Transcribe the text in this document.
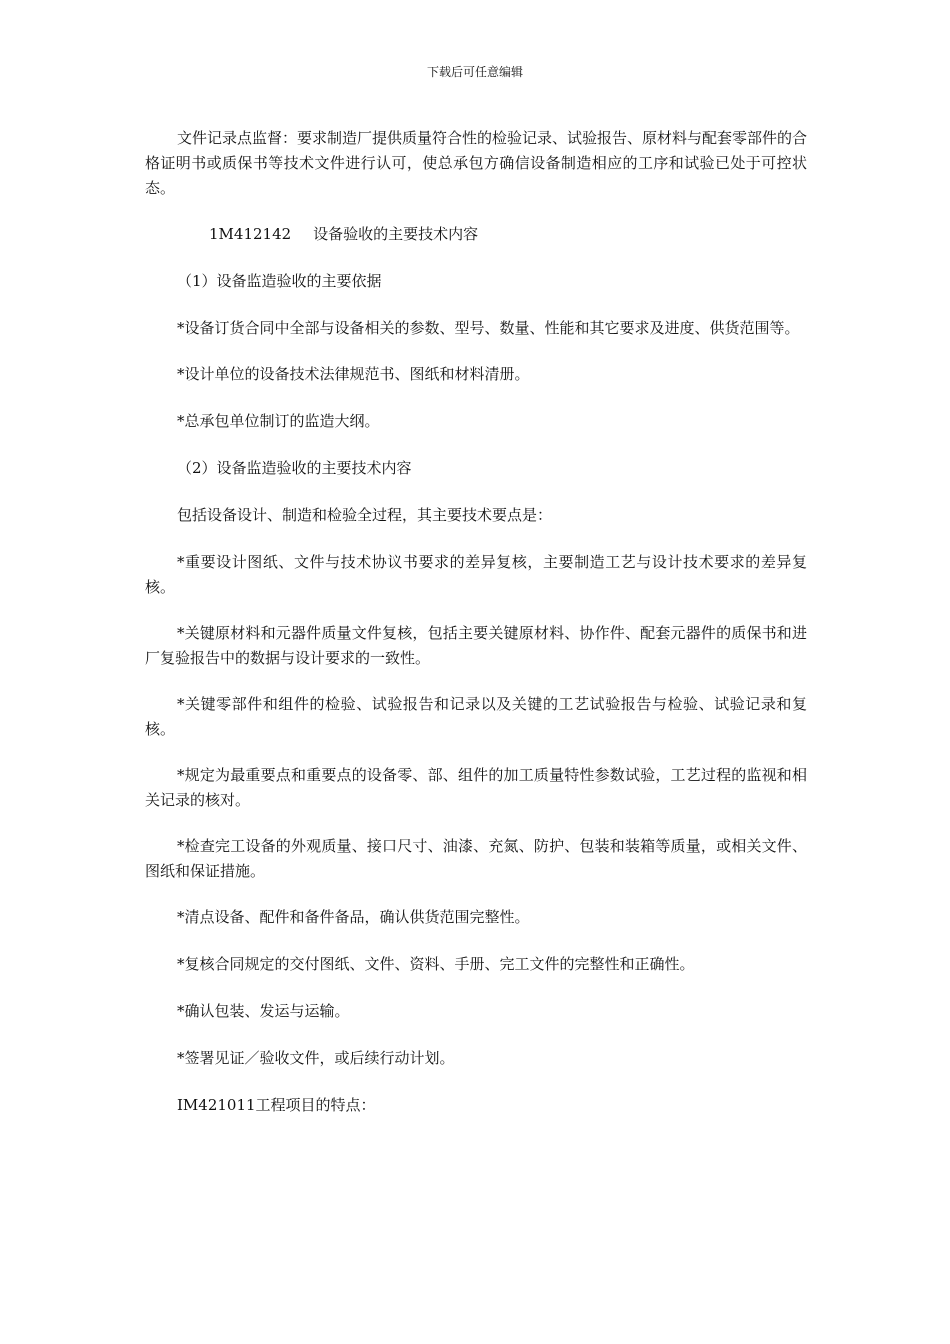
下载后可任意编辑

文件记录点监督：要求制造厂提供质量符合性的检验记录、试验报告、原材料与配套零部件的合格证明书或质保书等技术文件进行认可，使总承包方确信设备制造相应的工序和试验已处于可控状态。

1M412142 设备验收的主要技术内容

（1）设备监造验收的主要依据

*设备订货合同中全部与设备相关的参数、型号、数量、性能和其它要求及进度、供货范围等。

*设计单位的设备技术法律规范书、图纸和材料清册。

*总承包单位制订的监造大纲。

（2）设备监造验收的主要技术内容

包括设备设计、制造和检验全过程，其主要技术要点是：

*重要设计图纸、文件与技术协议书要求的差异复核，主要制造工艺与设计技术要求的差异复核。

*关键原材料和元器件质量文件复核，包括主要关键原材料、协作件、配套元器件的质保书和进厂复验报告中的数据与设计要求的一致性。

*关键零部件和组件的检验、试验报告和记录以及关键的工艺试验报告与检验、试验记录和复核。

*规定为最重要点和重要点的设备零、部、组件的加工质量特性参数试验，工艺过程的监视和相关记录的核对。

*检查完工设备的外观质量、接口尺寸、油漆、充氮、防护、包装和装箱等质量，或相关文件、图纸和保证措施。

*清点设备、配件和备件备品，确认供货范围完整性。

*复核合同规定的交付图纸、文件、资料、手册、完工文件的完整性和正确性。

*确认包装、发运与运输。

*签署见证／验收文件，或后续行动计划。

IM421011工程项目的特点：
